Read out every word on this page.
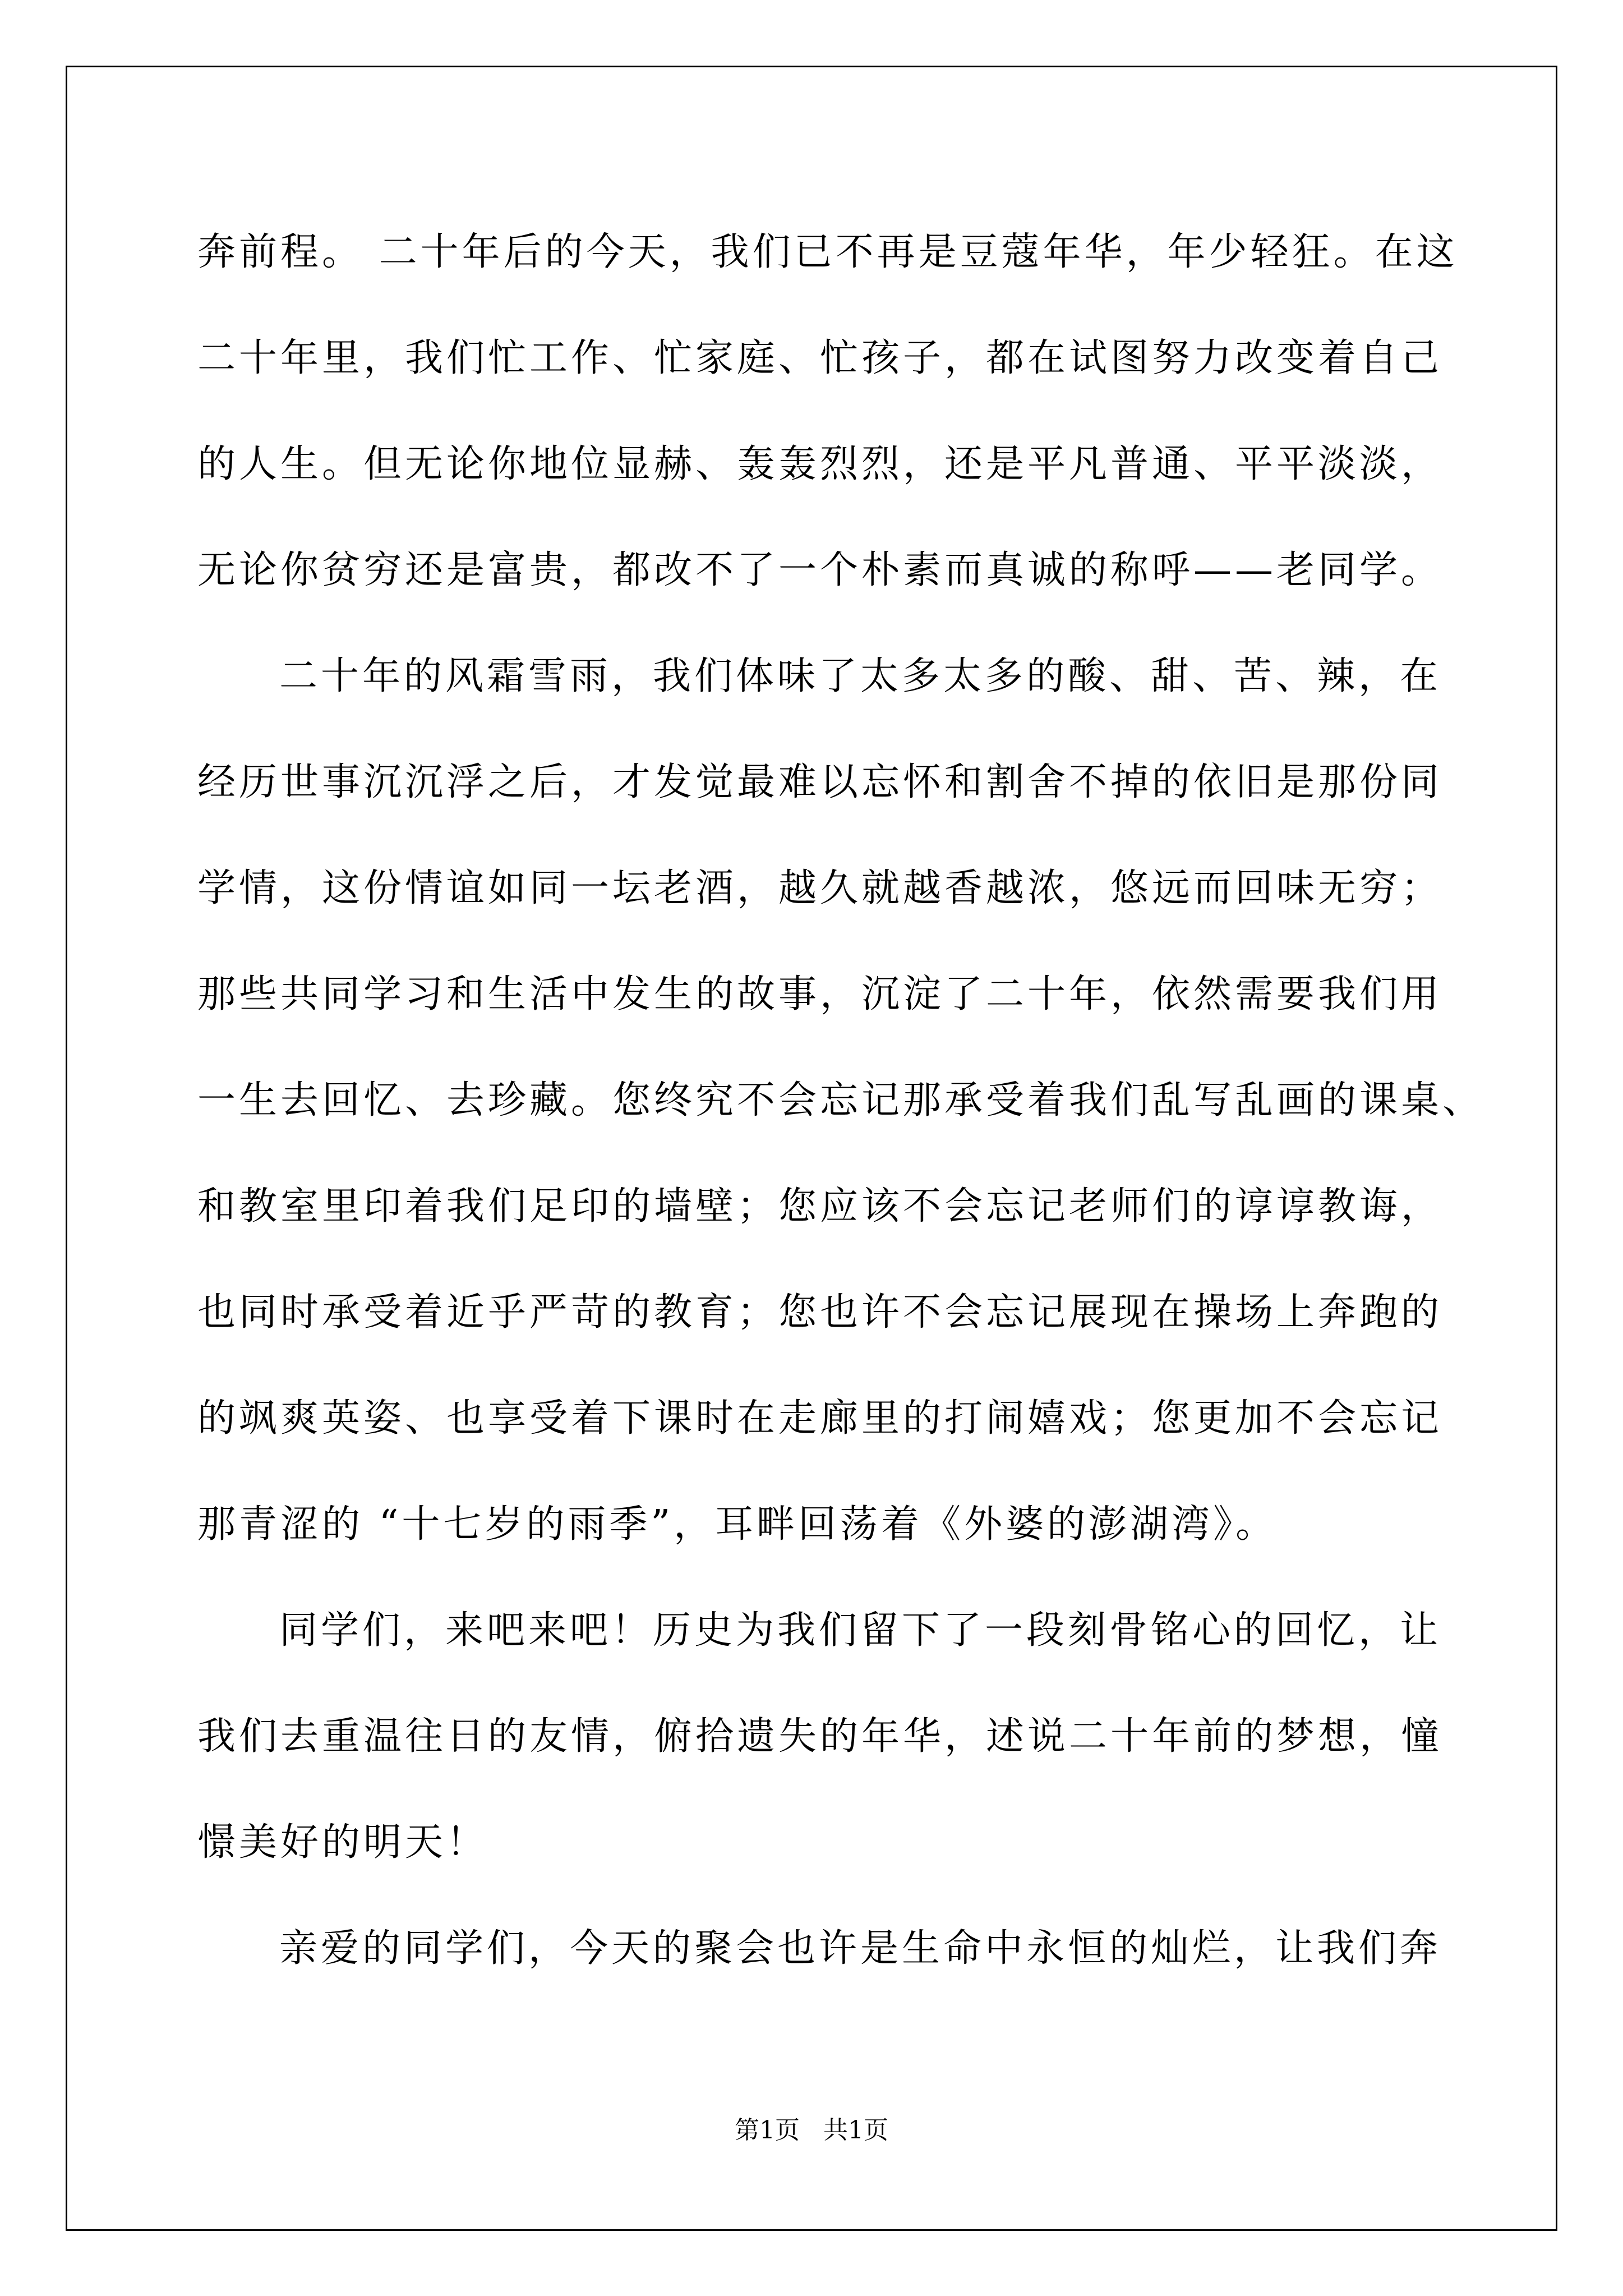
奔前程。 二十年后的今天，我们已不再是豆蔻年华，年少轻狂。在这
二十年里，我们忙工作、忙家庭、忙孩子，都在试图努力改变着自己
的人生。但无论你地位显赫、轰轰烈烈，还是平凡普通、平平淡淡，
无论你贫穷还是富贵，都改不了一个朴素而真诚的称呼——老同学。
二十年的风霜雪雨，我们体味了太多太多的酸、甜、苦、辣，在
经历世事沉沉浮之后，才发觉最难以忘怀和割舍不掉的依旧是那份同
学情，这份情谊如同一坛老酒，越久就越香越浓，悠远而回味无穷；
那些共同学习和生活中发生的故事，沉淀了二十年，依然需要我们用
一生去回忆、去珍藏。您终究不会忘记那承受着我们乱写乱画的课桌、
和教室里印着我们足印的墙壁；您应该不会忘记老师们的谆谆教诲，
也同时承受着近乎严苛的教育；您也许不会忘记展现在操场上奔跑的
的飒爽英姿、也享受着下课时在走廊里的打闹嬉戏；您更加不会忘记
那青涩的 “十七岁的雨季”，耳畔回荡着《外婆的澎湖湾》。
同学们，来吧来吧！历史为我们留下了一段刻骨铭心的回忆，让
我们去重温往日的友情，俯拾遗失的年华，述说二十年前的梦想，憧
憬美好的明天！
亲爱的同学们，今天的聚会也许是生命中永恒的灿烂，让我们奔
第1页   共1页
